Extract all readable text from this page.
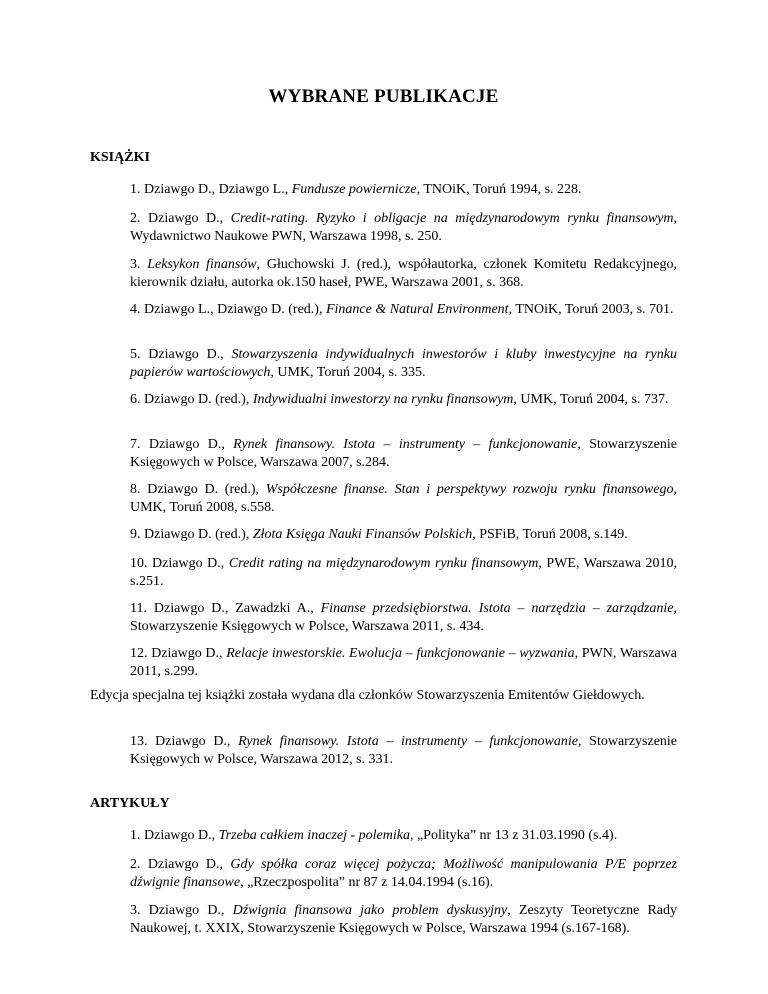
WYBRANE PUBLIKACJE
KSIĄŻKI

1. Dziawgo D., Dziawgo L., Fundusze powiernicze, TNOiK, Toruń 1994, s. 228.

2. Dziawgo D., Credit-rating. Ryzyko i obligacje na międzynarodowym rynku finansowym, Wydawnictwo Naukowe PWN, Warszawa 1998, s. 250.

3. Leksykon finansów, Głuchowski J. (red.), współautorka, członek Komitetu Redakcyjnego, kierownik działu, autorka ok.150 haseł, PWE, Warszawa 2001, s. 368.

4. Dziawgo L., Dziawgo D. (red.), Finance & Natural Environment, TNOiK, Toruń 2003, s. 701.

5. Dziawgo D., Stowarzyszenia indywidualnych inwestorów i kluby inwestycyjne na rynku papierów wartościowych, UMK, Toruń 2004, s. 335.

6. Dziawgo D. (red.), Indywidualni inwestorzy na rynku finansowym, UMK, Toruń 2004, s. 737.

7. Dziawgo D., Rynek finansowy. Istota – instrumenty – funkcjonowanie, Stowarzyszenie Księgowych w Polsce, Warszawa 2007, s.284.

8. Dziawgo D. (red.), Współczesne finanse. Stan i perspektywy rozwoju rynku finansowego, UMK, Toruń 2008, s.558.

9. Dziawgo D. (red.), Złota Księga Nauki Finansów Polskich, PSFiB, Toruń 2008, s.149.

10. Dziawgo D., Credit rating na międzynarodowym rynku finansowym, PWE, Warszawa 2010, s.251.

11. Dziawgo D., Zawadzki A., Finanse przedsiębiorstwa. Istota – narzędzia – zarządzanie, Stowarzyszenie Księgowych w Polsce, Warszawa 2011, s. 434.

12. Dziawgo D., Relacje inwestorskie. Ewolucja – funkcjonowanie – wyzwania, PWN, Warszawa 2011, s.299.

Edycja specjalna tej książki została wydana dla członków Stowarzyszenia Emitentów Giełdowych.

13. Dziawgo D., Rynek finansowy. Istota – instrumenty – funkcjonowanie, Stowarzyszenie Księgowych w Polsce, Warszawa 2012, s. 331.

ARTYKUŁY

1. Dziawgo D., Trzeba całkiem inaczej - polemika, „Polityka” nr 13 z 31.03.1990 (s.4).

2. Dziawgo D., Gdy spółka coraz więcej pożycza; Możliwość manipulowania P/E poprzez dźwignie finansowe, „Rzeczpospolita” nr 87 z 14.04.1994 (s.16).

3. Dziawgo D., Dźwignia finansowa jako problem dyskusyjny, Zeszyty Teoretyczne Rady Naukowej, t. XXIX, Stowarzyszenie Księgowych w Polsce, Warszawa 1994 (s.167-168).
